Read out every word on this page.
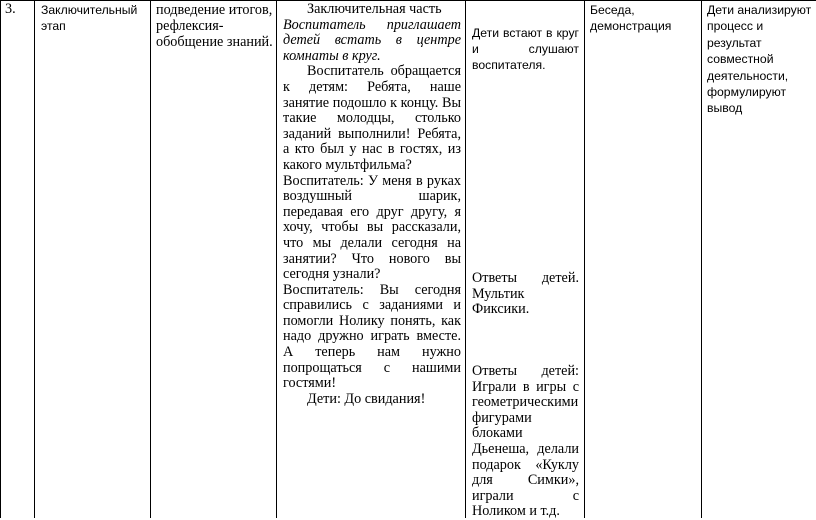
3.	Заключительный этап
подведение итогов, рефлексия-обобщение знаний.

Заключительная часть

Воспитатель приглашает детей встать в центре комнаты в круг.

Воспитатель обращается к детям: Ребята, наше занятие подошло к концу. Вы такие молодцы, столько заданий выполнили! Ребята, а кто был у нас в гостях, из какого мультфильма?

Воспитатель: У меня в руках воздушный шарик, передавая его друг другу, я хочу, чтобы вы рассказали, что мы делали сегодня на занятии? Что нового вы сегодня узнали?

Воспитатель: Вы сегодня справились с заданиями и помогли Нолику понять, как надо дружно играть вместе. А теперь нам нужно попрощаться с нашими гостями!

Дети: До свидания!

Дети встают в круг и слушают воспитателя.
Ответы детей. Мультик Фиксики.
Ответы детей: Играли в игры с геометрическими фигурами блоками Дьенеша, делали подарок «Куклу для Симки», играли с Ноликом и т.д.
Беседа, демонстрация
Дети анализируют процесс и результат совместной деятельности, формулируют вывод
